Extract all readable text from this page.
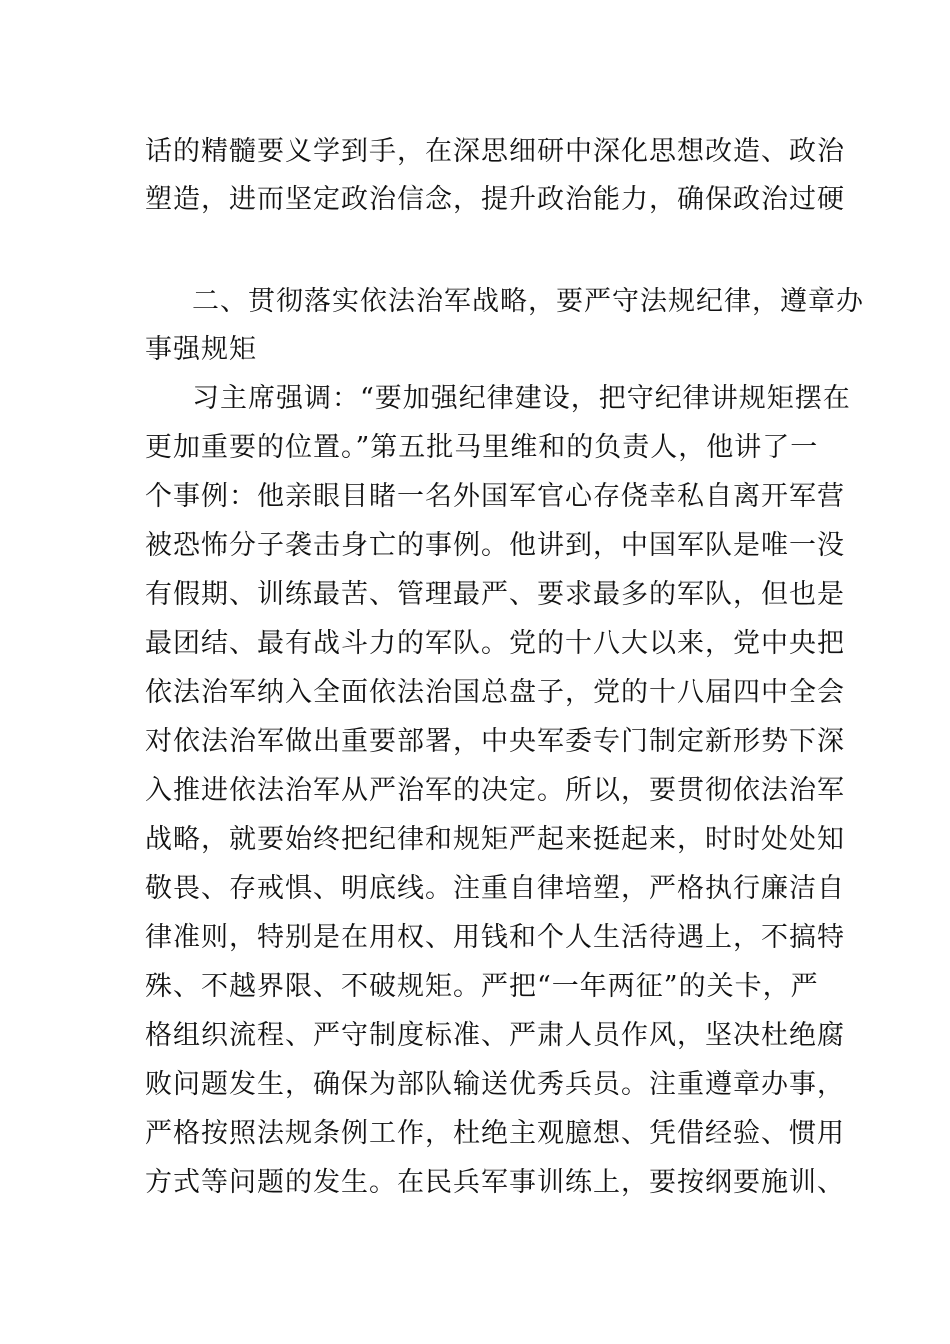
话的精髓要义学到手，在深思细研中深化思想改造、政治
塑造，进而坚定政治信念，提升政治能力，确保政治过硬
二、贯彻落实依法治军战略，要严守法规纪律，遵章办
事强规矩
习主席强调：“要加强纪律建设，把守纪律讲规矩摆在
更加重要的位置。”第五批马里维和的负责人，他讲了一
个事例：他亲眼目睹一名外国军官心存侥幸私自离开军营
被恐怖分子袭击身亡的事例。他讲到，中国军队是唯一没
有假期、训练最苦、管理最严、要求最多的军队，但也是
最团结、最有战斗力的军队。党的十八大以来，党中央把
依法治军纳入全面依法治国总盘子，党的十八届四中全会
对依法治军做出重要部署，中央军委专门制定新形势下深
入推进依法治军从严治军的决定。所以，要贯彻依法治军
战略，就要始终把纪律和规矩严起来挺起来，时时处处知
敬畏、存戒惧、明底线。注重自律培塑，严格执行廉洁自
律准则，特别是在用权、用钱和个人生活待遇上，不搞特
殊、不越界限、不破规矩。严把“一年两征”的关卡，严
格组织流程、严守制度标准、严肃人员作风，坚决杜绝腐
败问题发生，确保为部队输送优秀兵员。注重遵章办事，
严格按照法规条例工作，杜绝主观臆想、凭借经验、惯用
方式等问题的发生。在民兵军事训练上，要按纲要施训、
